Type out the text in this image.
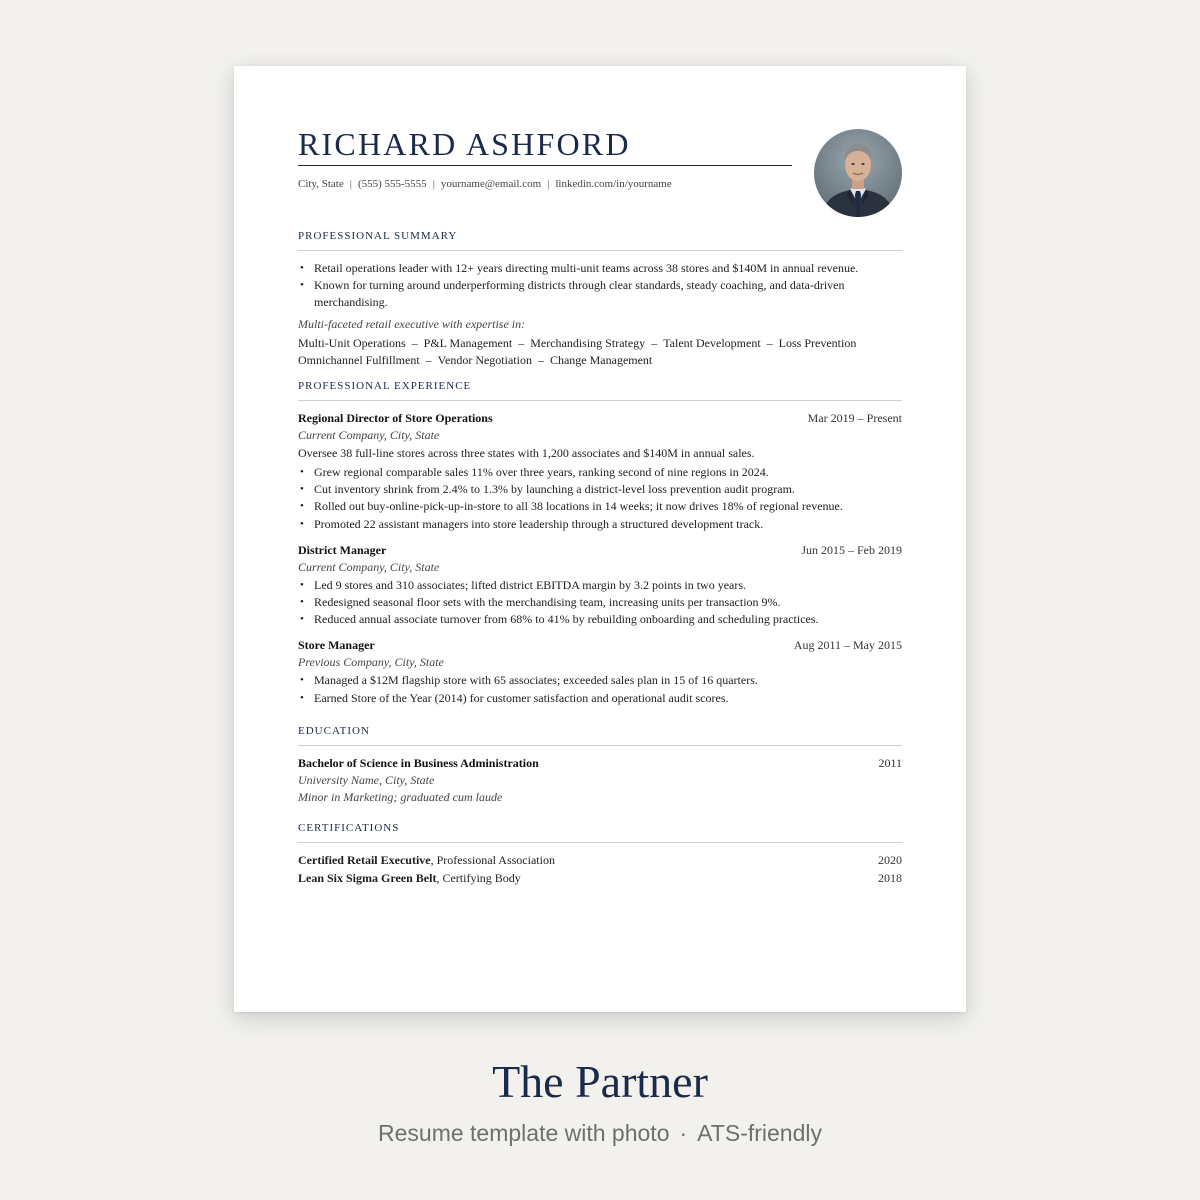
RICHARD ASHFORD
City, State | (555) 555-5555 | yourname@email.com | linkedin.com/in/yourname
PROFESSIONAL SUMMARY
• Retail operations leader with 12+ years directing multi-unit teams across 38 stores and $140M in annual revenue.
• Known for turning around underperforming districts through clear standards, steady coaching, and data-driven merchandising.
Multi-faceted retail executive with expertise in:
Multi-Unit Operations – P&L Management – Merchandising Strategy – Talent Development – Loss Prevention
Omnichannel Fulfillment – Vendor Negotiation – Change Management
PROFESSIONAL EXPERIENCE
Regional Director of Store Operations	Mar 2019 – Present
Current Company, City, State
Oversee 38 full-line stores across three states with 1,200 associates and $140M in annual sales.
• Grew regional comparable sales 11% over three years, ranking second of nine regions in 2024.
• Cut inventory shrink from 2.4% to 1.3% by launching a district-level loss prevention audit program.
• Rolled out buy-online-pick-up-in-store to all 38 locations in 14 weeks; it now drives 18% of regional revenue.
• Promoted 22 assistant managers into store leadership through a structured development track.
District Manager	Jun 2015 – Feb 2019
Current Company, City, State
• Led 9 stores and 310 associates; lifted district EBITDA margin by 3.2 points in two years.
• Redesigned seasonal floor sets with the merchandising team, increasing units per transaction 9%.
• Reduced annual associate turnover from 68% to 41% by rebuilding onboarding and scheduling practices.
Store Manager	Aug 2011 – May 2015
Previous Company, City, State
• Managed a $12M flagship store with 65 associates; exceeded sales plan in 15 of 16 quarters.
• Earned Store of the Year (2014) for customer satisfaction and operational audit scores.
EDUCATION
Bachelor of Science in Business Administration	2011
University Name, City, State
Minor in Marketing; graduated cum laude
CERTIFICATIONS
Certified Retail Executive, Professional Association	2020
Lean Six Sigma Green Belt, Certifying Body	2018
The Partner
Resume template with photo · ATS-friendly
